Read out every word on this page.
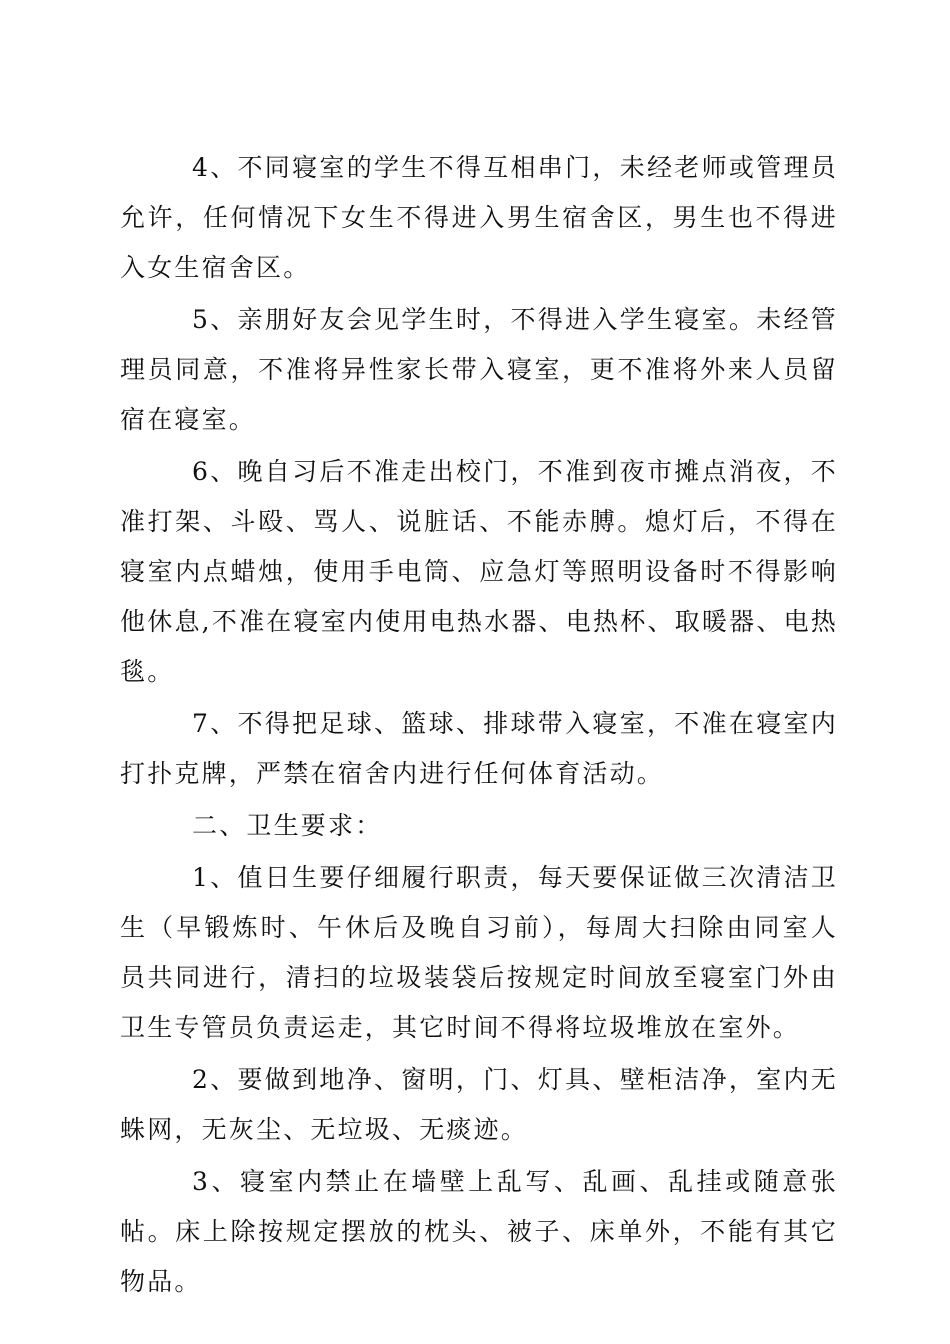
4、不同寝室的学生不得互相串门，未经老师或管理员允许，任何情况下女生不得进入男生宿舍区，男生也不得进入女生宿舍区。

5、亲朋好友会见学生时，不得进入学生寝室。未经管理员同意，不准将异性家长带入寝室，更不准将外来人员留宿在寝室。

6、晚自习后不准走出校门，不准到夜市摊点消夜，不准打架、斗殴、骂人、说脏话、不能赤膊。熄灯后，不得在寝室内点蜡烛，使用手电筒、应急灯等照明设备时不得影响他休息,不准在寝室内使用电热水器、电热杯、取暖器、电热毯。

7、不得把足球、篮球、排球带入寝室，不准在寝室内打扑克牌，严禁在宿舍内进行任何体育活动。

二、卫生要求：

1、值日生要仔细履行职责，每天要保证做三次清洁卫生（早锻炼时、午休后及晚自习前），每周大扫除由同室人员共同进行，清扫的垃圾装袋后按规定时间放至寝室门外由卫生专管员负责运走，其它时间不得将垃圾堆放在室外。

2、要做到地净、窗明，门、灯具、壁柜洁净，室内无蛛网，无灰尘、无垃圾、无痰迹。

3、寝室内禁止在墙壁上乱写、乱画、乱挂或随意张帖。床上除按规定摆放的枕头、被子、床单外，不能有其它物品。
